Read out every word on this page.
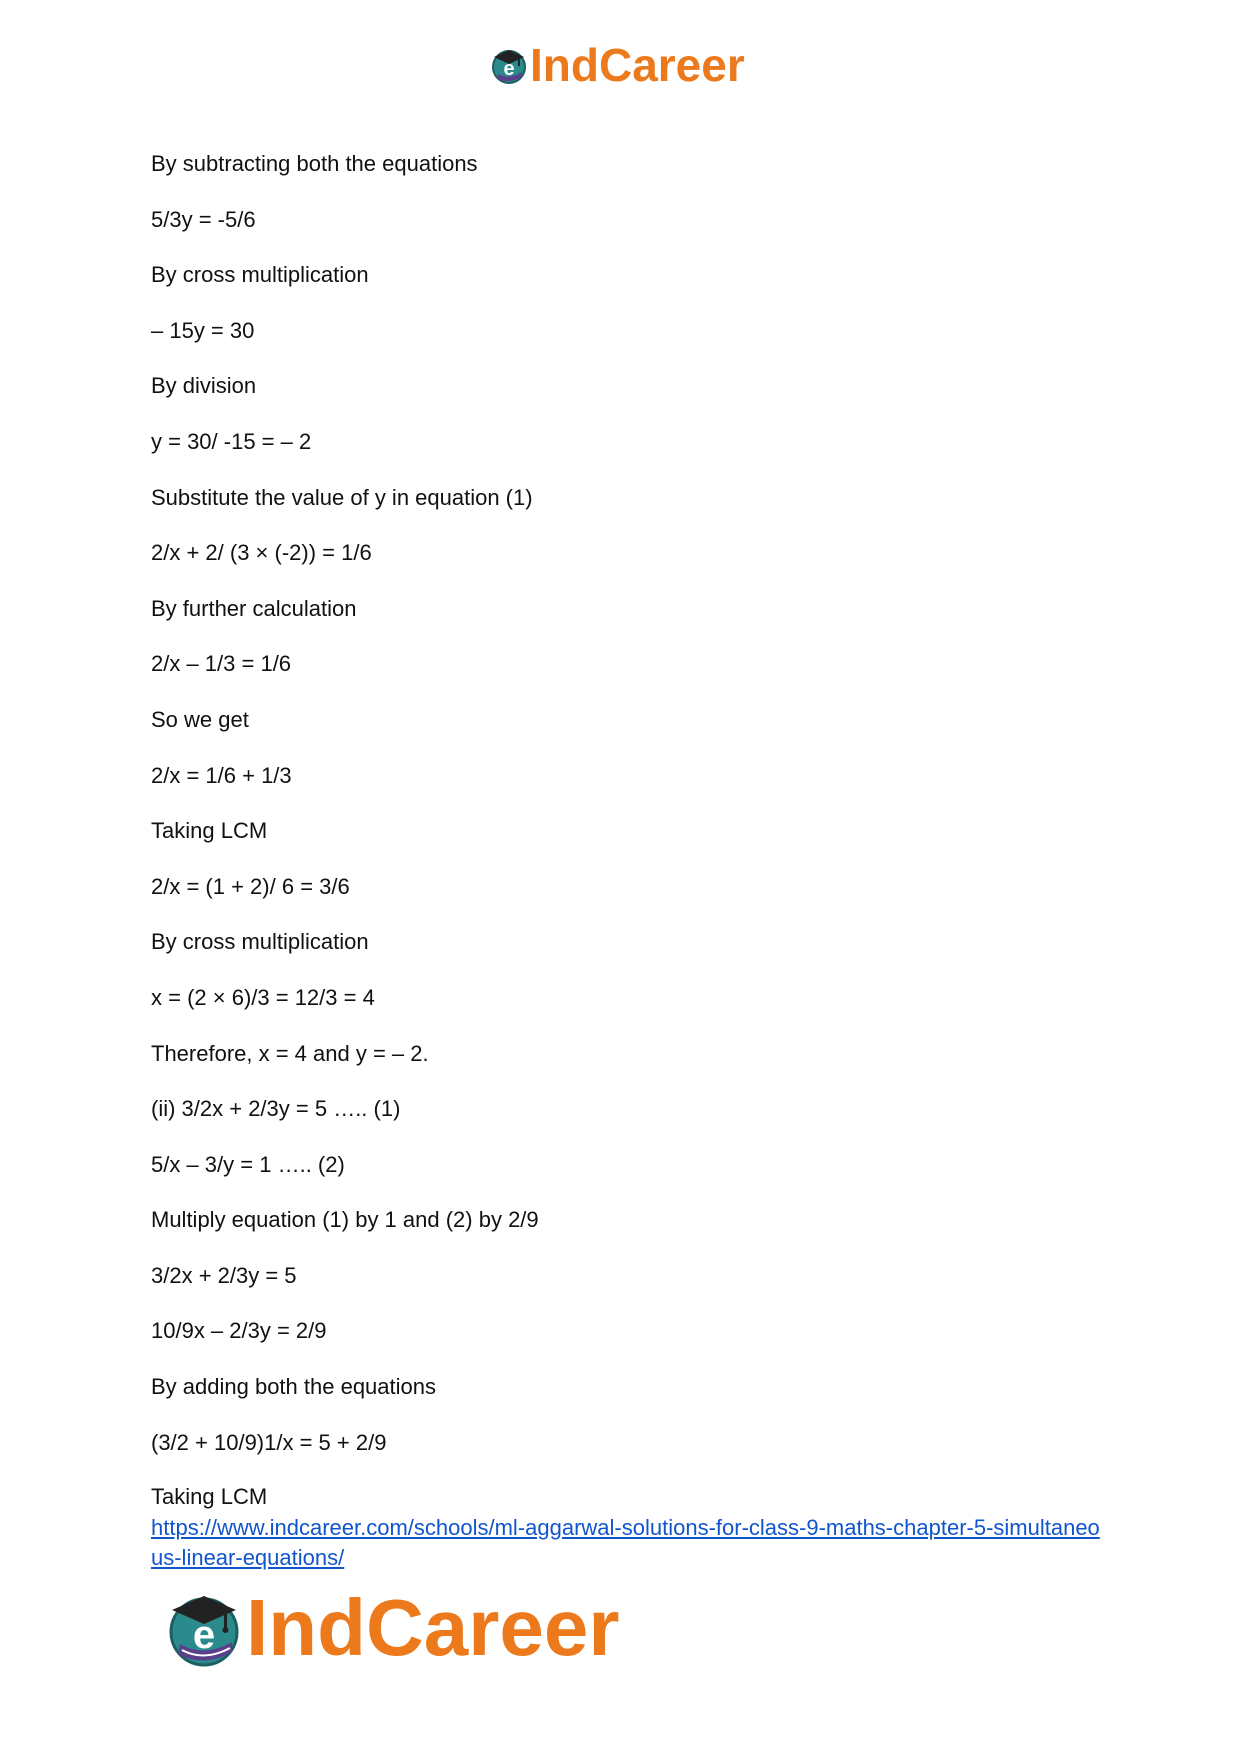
e IndCareer
By subtracting both the equations
5/3y = -5/6
By cross multiplication
– 15y = 30
By division
y = 30/ -15 = – 2
Substitute the value of y in equation (1)
2/x + 2/ (3 × (-2)) = 1/6
By further calculation
2/x – 1/3 = 1/6
So we get
2/x = 1/6 + 1/3
Taking LCM
2/x = (1 + 2)/ 6 = 3/6
By cross multiplication
x = (2 × 6)/3 = 12/3 = 4
Therefore, x = 4 and y = – 2.
(ii) 3/2x + 2/3y = 5 ….. (1)
5/x – 3/y = 1 ….. (2)
Multiply equation (1) by 1 and (2) by 2/9
3/2x + 2/3y = 5
10/9x – 2/3y = 2/9
By adding both the equations
(3/2 + 10/9)1/x = 5 + 2/9
Taking LCM
https://www.indcareer.com/schools/ml-aggarwal-solutions-for-class-9-maths-chapter-5-simultaneous-linear-equations/
e IndCareer
